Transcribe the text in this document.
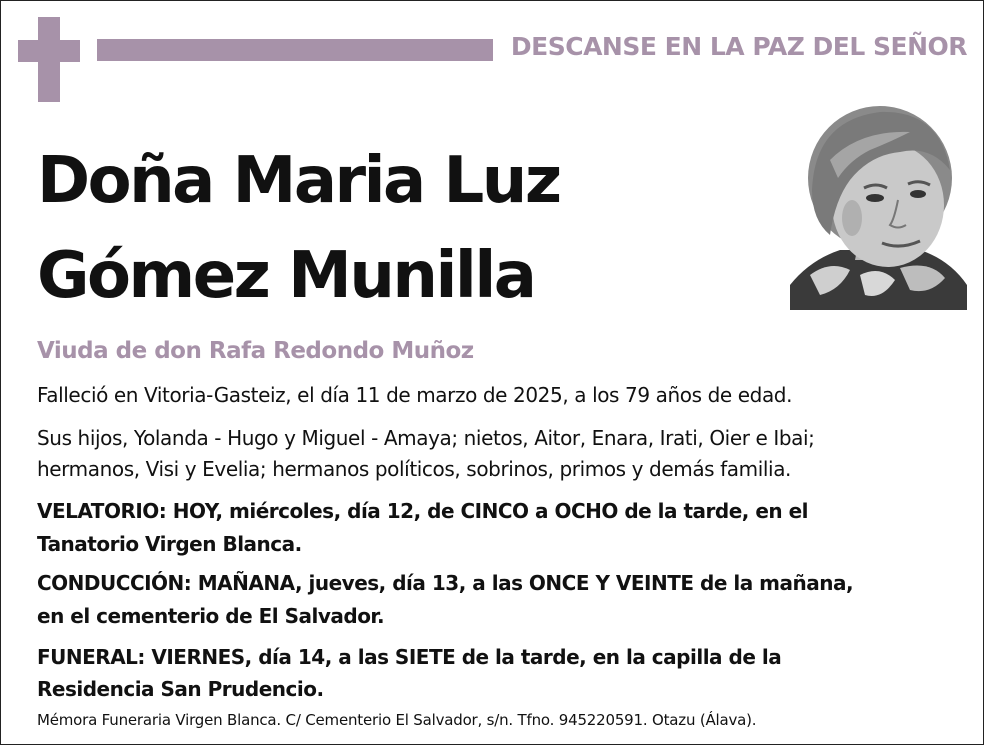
DESCANSE EN LA PAZ DEL SEÑOR
Doña Maria Luz
Gómez Munilla
Viuda de don Rafa Redondo Muñoz
Falleció en Vitoria-Gasteiz, el día 11 de marzo de 2025, a los 79 años de edad.
Sus hijos, Yolanda - Hugo y Miguel - Amaya; nietos, Aitor, Enara, Irati, Oier e Ibai;
hermanos, Visi y Evelia; hermanos políticos, sobrinos, primos y demás familia.
VELATORIO: HOY, miércoles, día 12, de CINCO a OCHO de la tarde, en el
Tanatorio Virgen Blanca.
CONDUCCIÓN: MAÑANA, jueves, día 13, a las ONCE Y VEINTE de la mañana,
en el cementerio de El Salvador.
FUNERAL: VIERNES, día 14, a las SIETE de la tarde, en la capilla de la
Residencia San Prudencio.
Mémora Funeraria Virgen Blanca. C/ Cementerio El Salvador, s/n. Tfno. 945220591. Otazu (Álava).
